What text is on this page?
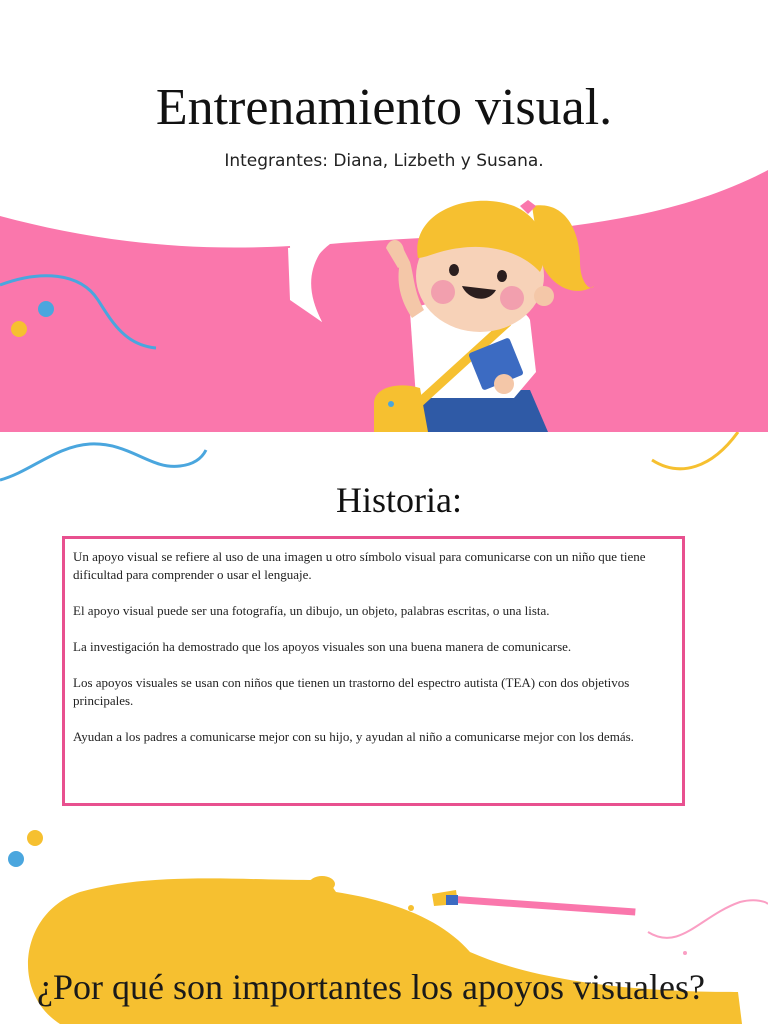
Entrenamiento visual.
Integrantes: Diana, Lizbeth y Susana.
Historia:

Un apoyo visual se refiere al uso de una imagen u otro símbolo visual para comunicarse con un niño que tiene dificultad para comprender o usar el lenguaje.

El apoyo visual puede ser una fotografía, un dibujo, un objeto, palabras escritas, o una lista.

La investigación ha demostrado que los apoyos visuales son una buena manera de comunicarse.

Los apoyos visuales se usan con niños que tienen un trastorno del espectro autista (TEA) con dos objetivos principales.

Ayudan a los padres a comunicarse mejor con su hijo, y ayudan al niño a comunicarse mejor con los demás.

¿Por qué son importantes los apoyos visuales?
